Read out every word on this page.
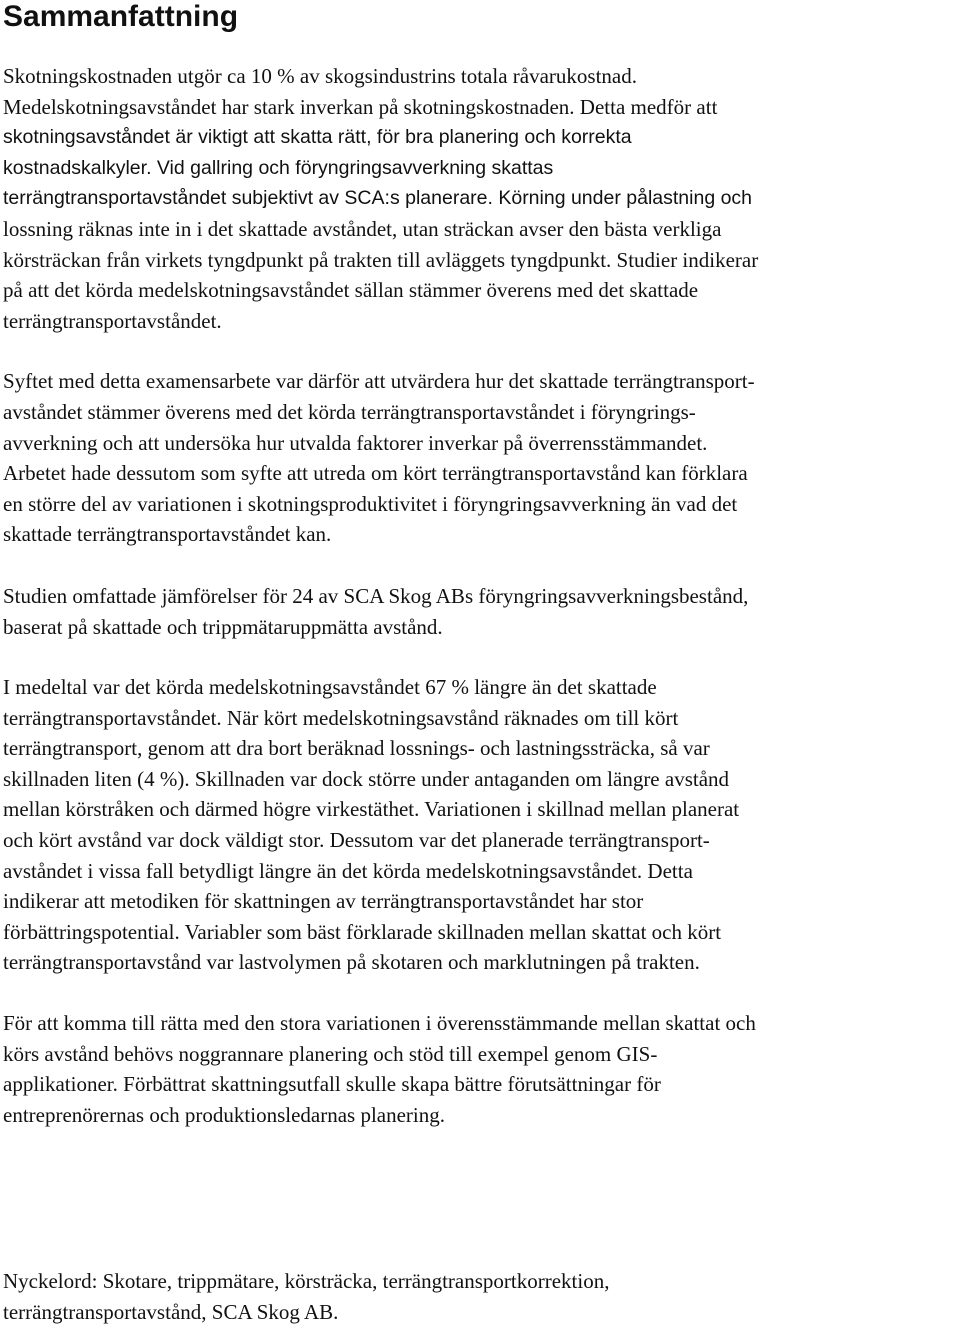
Sammanfattning

Skotningskostnaden utgör ca 10 % av skogsindustrins totala råvarukostnad.
Medelskotningsavståndet har stark inverkan på skotningskostnaden. Detta medför att
skotningsavståndet är viktigt att skatta rätt, för bra planering och korrekta
kostnadskalkyler. Vid gallring och föryngringsavverkning skattas
terrängtransportavståndet subjektivt av SCA:s planerare. Körning under pålastning och
lossning räknas inte in i det skattade avståndet, utan sträckan avser den bästa verkliga
körsträckan från virkets tyngdpunkt på trakten till avläggets tyngdpunkt. Studier indikerar
på att det körda medelskotningsavståndet sällan stämmer överens med det skattade
terrängtransportavståndet.

Syftet med detta examensarbete var därför att utvärdera hur det skattade terrängtransport-
avståndet stämmer överens med det körda terrängtransportavståndet i föryngrings-
avverkning och att undersöka hur utvalda faktorer inverkar på överrensstämmandet.
Arbetet hade dessutom som syfte att utreda om kört terrängtransportavstånd kan förklara
en större del av variationen i skotningsproduktivitet i föryngringsavverkning än vad det
skattade terrängtransportavståndet kan.

Studien omfattade jämförelser för 24 av SCA Skog ABs föryngringsavverkningsbestånd,
baserat på skattade och trippmätaruppmätta avstånd.

I medeltal var det körda medelskotningsavståndet 67 % längre än det skattade
terrängtransportavståndet. När kört medelskotningsavstånd räknades om till kört
terrängtransport, genom att dra bort beräknad lossnings- och lastningssträcka, så var
skillnaden liten (4 %). Skillnaden var dock större under antaganden om längre avstånd
mellan körstråken och därmed högre virkestäthet. Variationen i skillnad mellan planerat
och kört avstånd var dock väldigt stor. Dessutom var det planerade terrängtransport-
avståndet i vissa fall betydligt längre än det körda medelskotningsavståndet. Detta
indikerar att metodiken för skattningen av terrängtransportavståndet har stor
förbättringspotential. Variabler som bäst förklarade skillnaden mellan skattat och kört
terrängtransportavstånd var lastvolymen på skotaren och marklutningen på trakten.

För att komma till rätta med den stora variationen i överensstämmande mellan skattat och
körs avstånd behövs noggrannare planering och stöd till exempel genom GIS-
applikationer. Förbättrat skattningsutfall skulle skapa bättre förutsättningar för
entreprenörernas och produktionsledarnas planering.

Nyckelord: Skotare, trippmätare, körsträcka, terrängtransportkorrektion,
terrängtransportavstånd, SCA Skog AB.
